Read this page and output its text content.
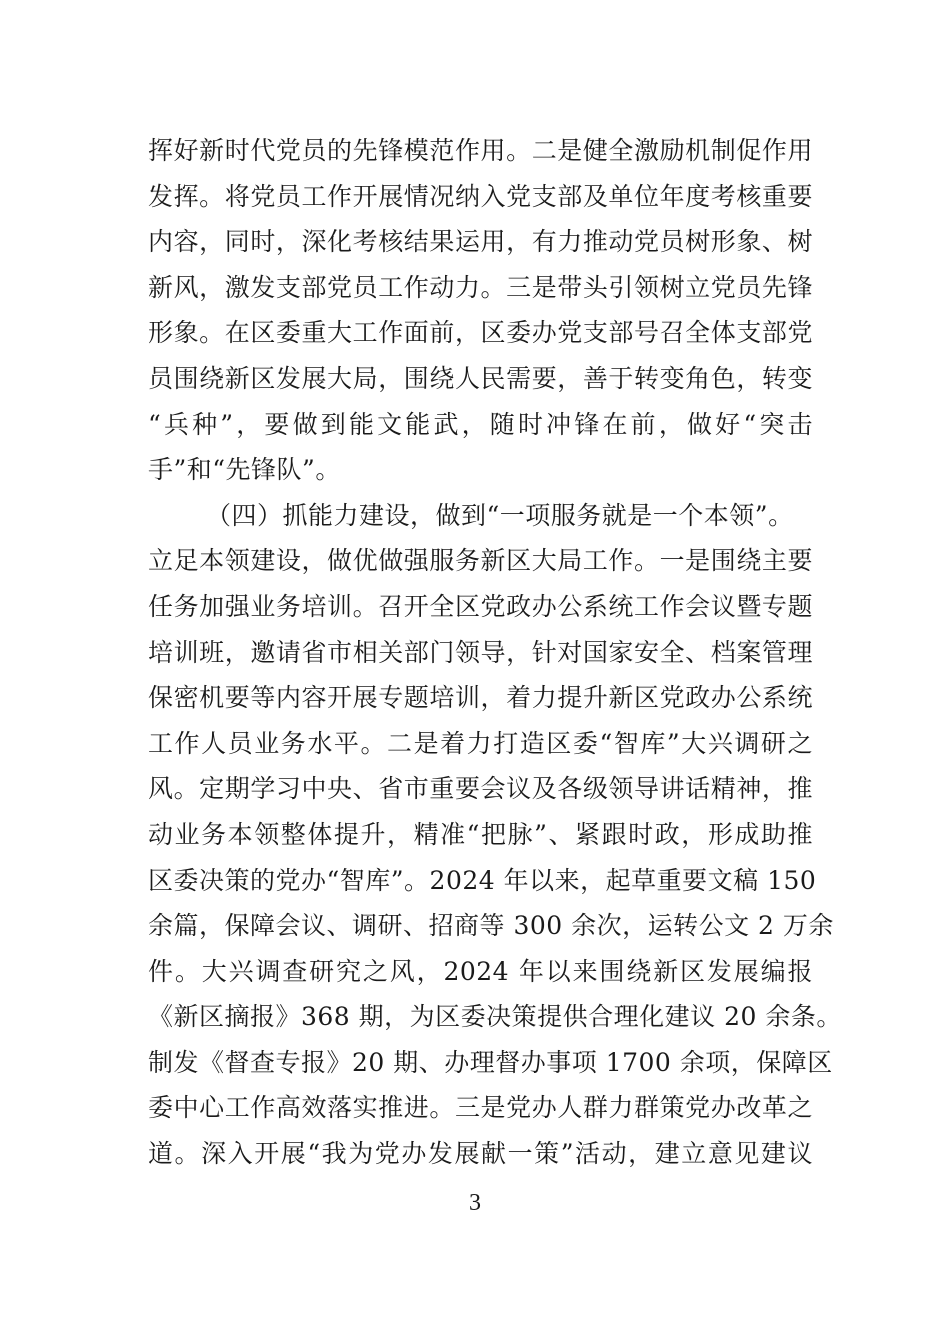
挥好新时代党员的先锋模范作用。二是健全激励机制促作用
发挥。将党员工作开展情况纳入党支部及单位年度考核重要
内容，同时，深化考核结果运用，有力推动党员树形象、树
新风，激发支部党员工作动力。三是带头引领树立党员先锋
形象。在区委重大工作面前，区委办党支部号召全体支部党
员围绕新区发展大局，围绕人民需要，善于转变角色，转变
“兵种”，要做到能文能武，随时冲锋在前，做好“突击
手”和“先锋队”。
（四）抓能力建设，做到“一项服务就是一个本领”。
立足本领建设，做优做强服务新区大局工作。一是围绕主要
任务加强业务培训。召开全区党政办公系统工作会议暨专题
培训班，邀请省市相关部门领导，针对国家安全、档案管理
保密机要等内容开展专题培训，着力提升新区党政办公系统
工作人员业务水平。二是着力打造区委“智库”大兴调研之
风。定期学习中央、省市重要会议及各级领导讲话精神，推
动业务本领整体提升，精准“把脉”、紧跟时政，形成助推
区委决策的党办“智库”。2024 年以来，起草重要文稿 150
余篇，保障会议、调研、招商等 300 余次，运转公文 2 万余
件。大兴调查研究之风，2024 年以来围绕新区发展编报
《新区摘报》368 期，为区委决策提供合理化建议 20 余条。
制发《督查专报》20 期、办理督办事项 1700 余项，保障区
委中心工作高效落实推进。三是党办人群力群策党办改革之
道。深入开展“我为党办发展献一策”活动，建立意见建议
3
